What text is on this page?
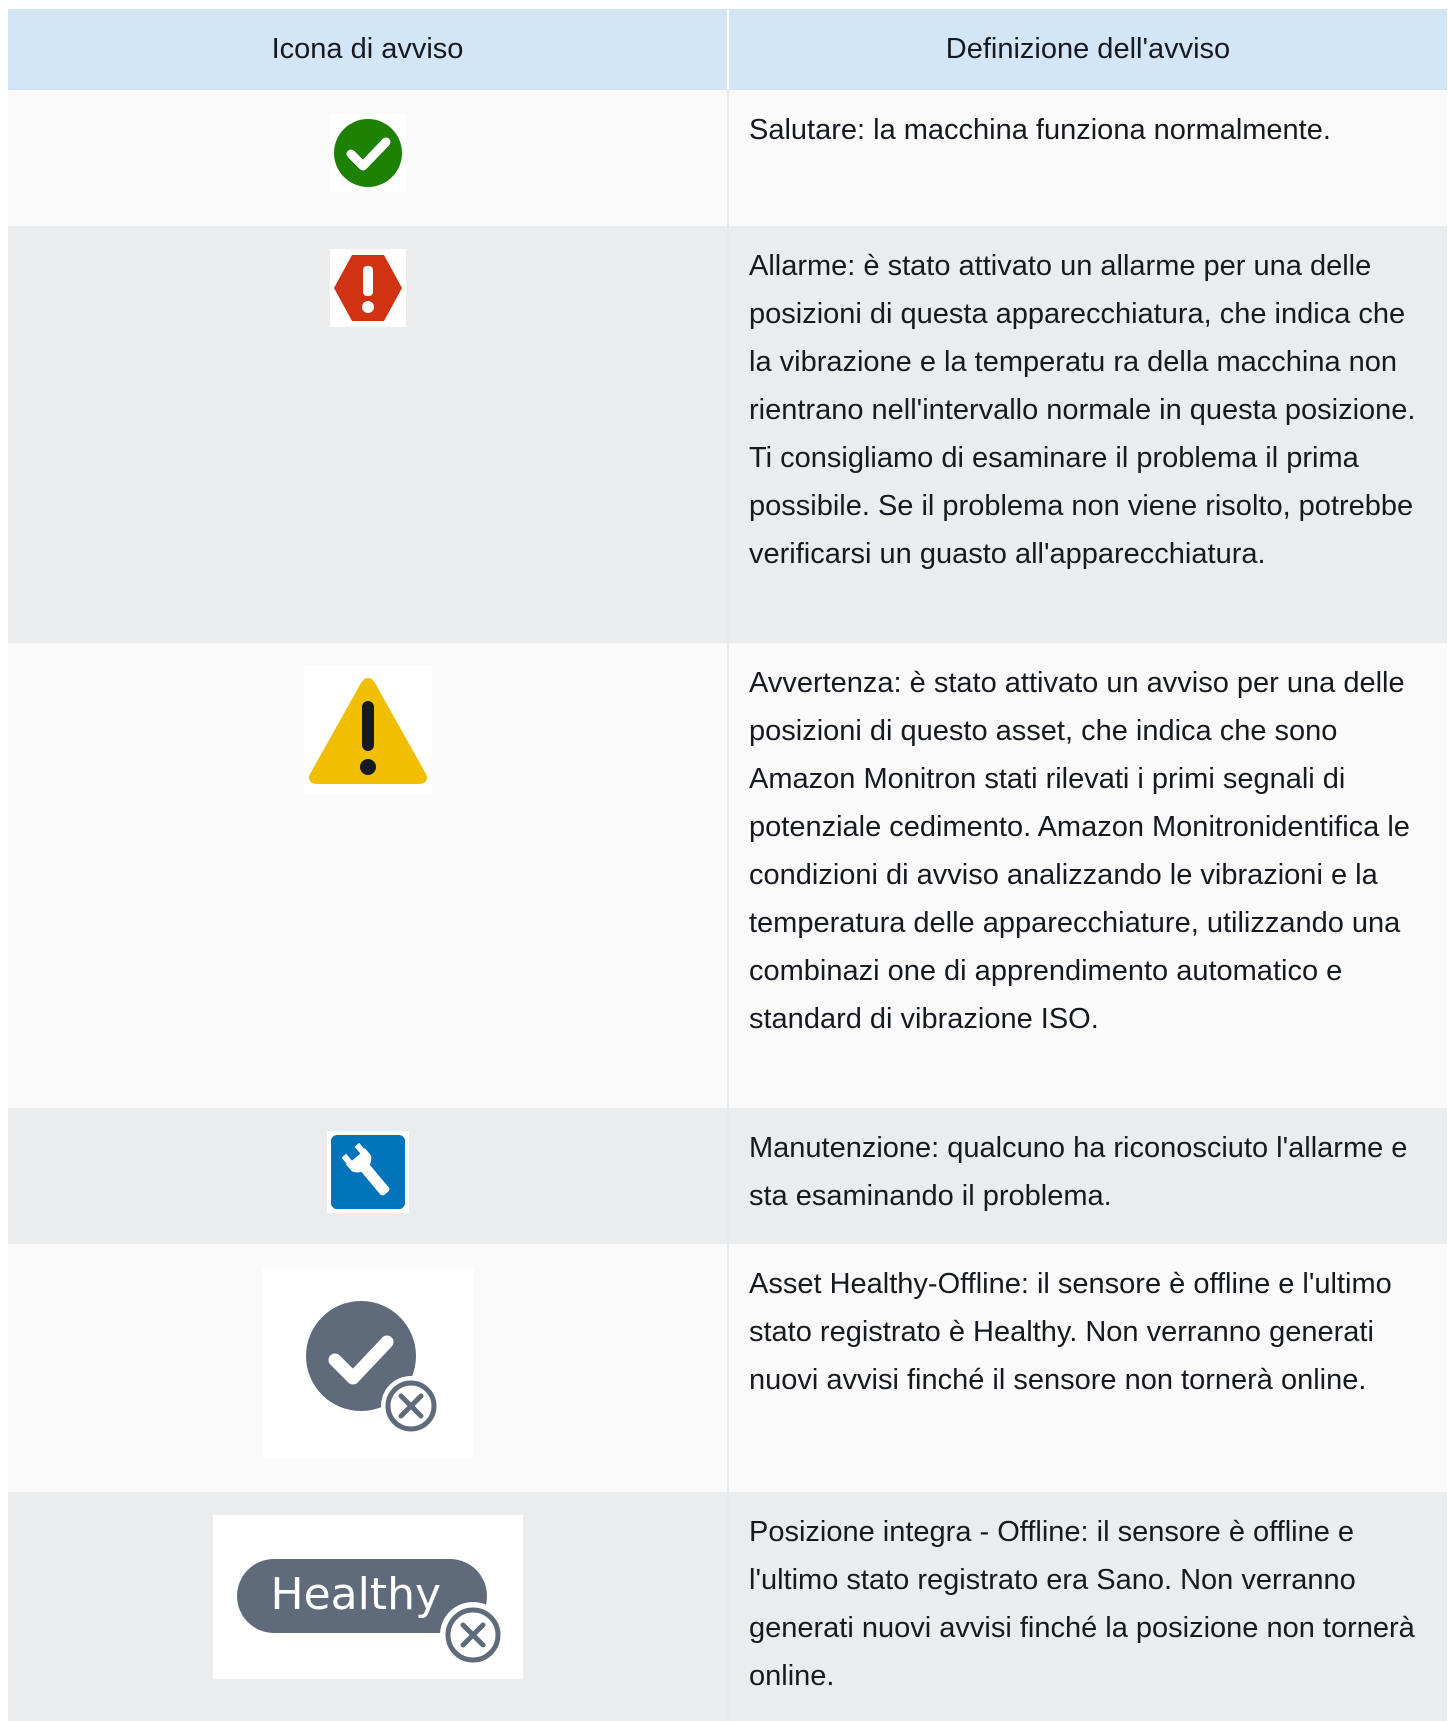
Icona di avviso	Definizione dell'avviso

Salutare: la macchina funziona normalmente.

Allarme: è stato attivato un allarme per una delle posizioni di questa apparecchiatura, che indica che la vibrazione e la temperatu ra della macchina non rientrano nell'intervallo normale in questa posizione. Ti consigliamo di esaminare il problema il prima possibile. Se il problema non viene risolto, potrebbe verificarsi un guasto all'apparecchiatura.

Avvertenza: è stato attivato un avviso per una delle posizioni di questo asset, che indica che sono Amazon Monitron stati rilevati i primi segnali di potenziale cedimento. Amazon Monitronidentifica le condizioni di avviso analizzando le vibrazioni e la temperatura delle apparecchiature, utilizzando una combinazi one di apprendimento automatico e standard di vibrazione ISO.

Manutenzione: qualcuno ha riconosciuto l'allarme e sta esaminando il problema.

Asset Healthy-Offline: il sensore è offline e l'ultimo stato registrato è Healthy. Non verranno generati nuovi avvisi finché il sensore non tornerà online.

Healthy	Posizione integra - Offline: il sensore è offline e l'ultimo stato registrato era Sano. Non verranno generati nuovi avvisi finché la posizione non tornerà online.
